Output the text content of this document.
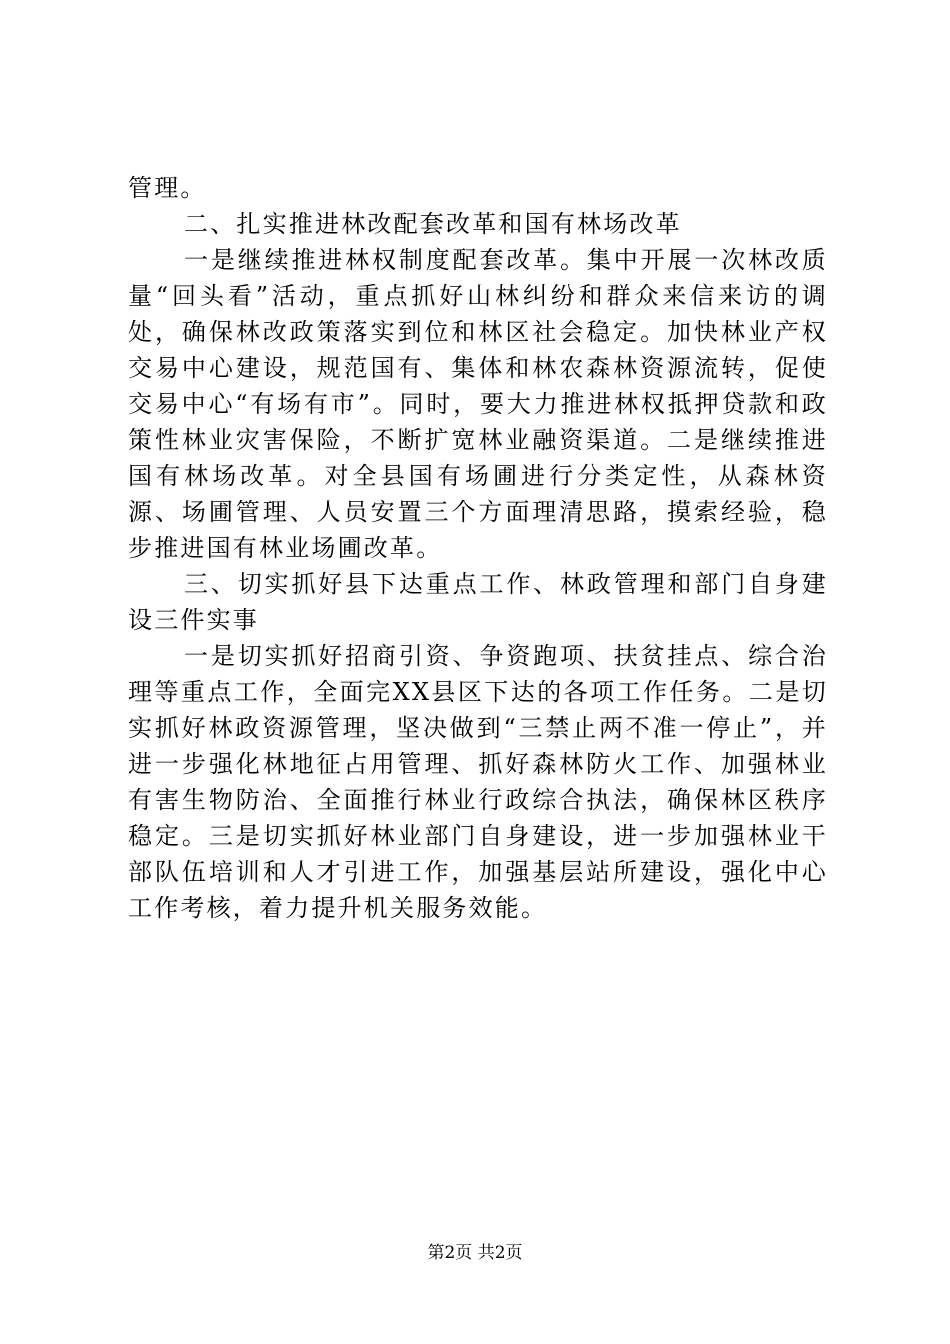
管理。

二、扎实推进林改配套改革和国有林场改革

一是继续推进林权制度配套改革。集中开展一次林改质量“回头看”活动，重点抓好山林纠纷和群众来信来访的调处，确保林改政策落实到位和林区社会稳定。加快林业产权交易中心建设，规范国有、集体和林农森林资源流转，促使交易中心“有场有市”。同时，要大力推进林权抵押贷款和政策性林业灾害保险，不断扩宽林业融资渠道。二是继续推进国有林场改革。对全县国有场圃进行分类定性，从森林资源、场圃管理、人员安置三个方面理清思路，摸索经验，稳步推进国有林业场圃改革。

三、切实抓好县下达重点工作、林政管理和部门自身建设三件实事

一是切实抓好招商引资、争资跑项、扶贫挂点、综合治理等重点工作，全面完XX县区下达的各项工作任务。二是切实抓好林政资源管理，坚决做到“三禁止两不准一停止”，并进一步强化林地征占用管理、抓好森林防火工作、加强林业有害生物防治、全面推行林业行政综合执法，确保林区秩序稳定。三是切实抓好林业部门自身建设，进一步加强林业干部队伍培训和人才引进工作，加强基层站所建设，强化中心工作考核，着力提升机关服务效能。

第2页 共2页
